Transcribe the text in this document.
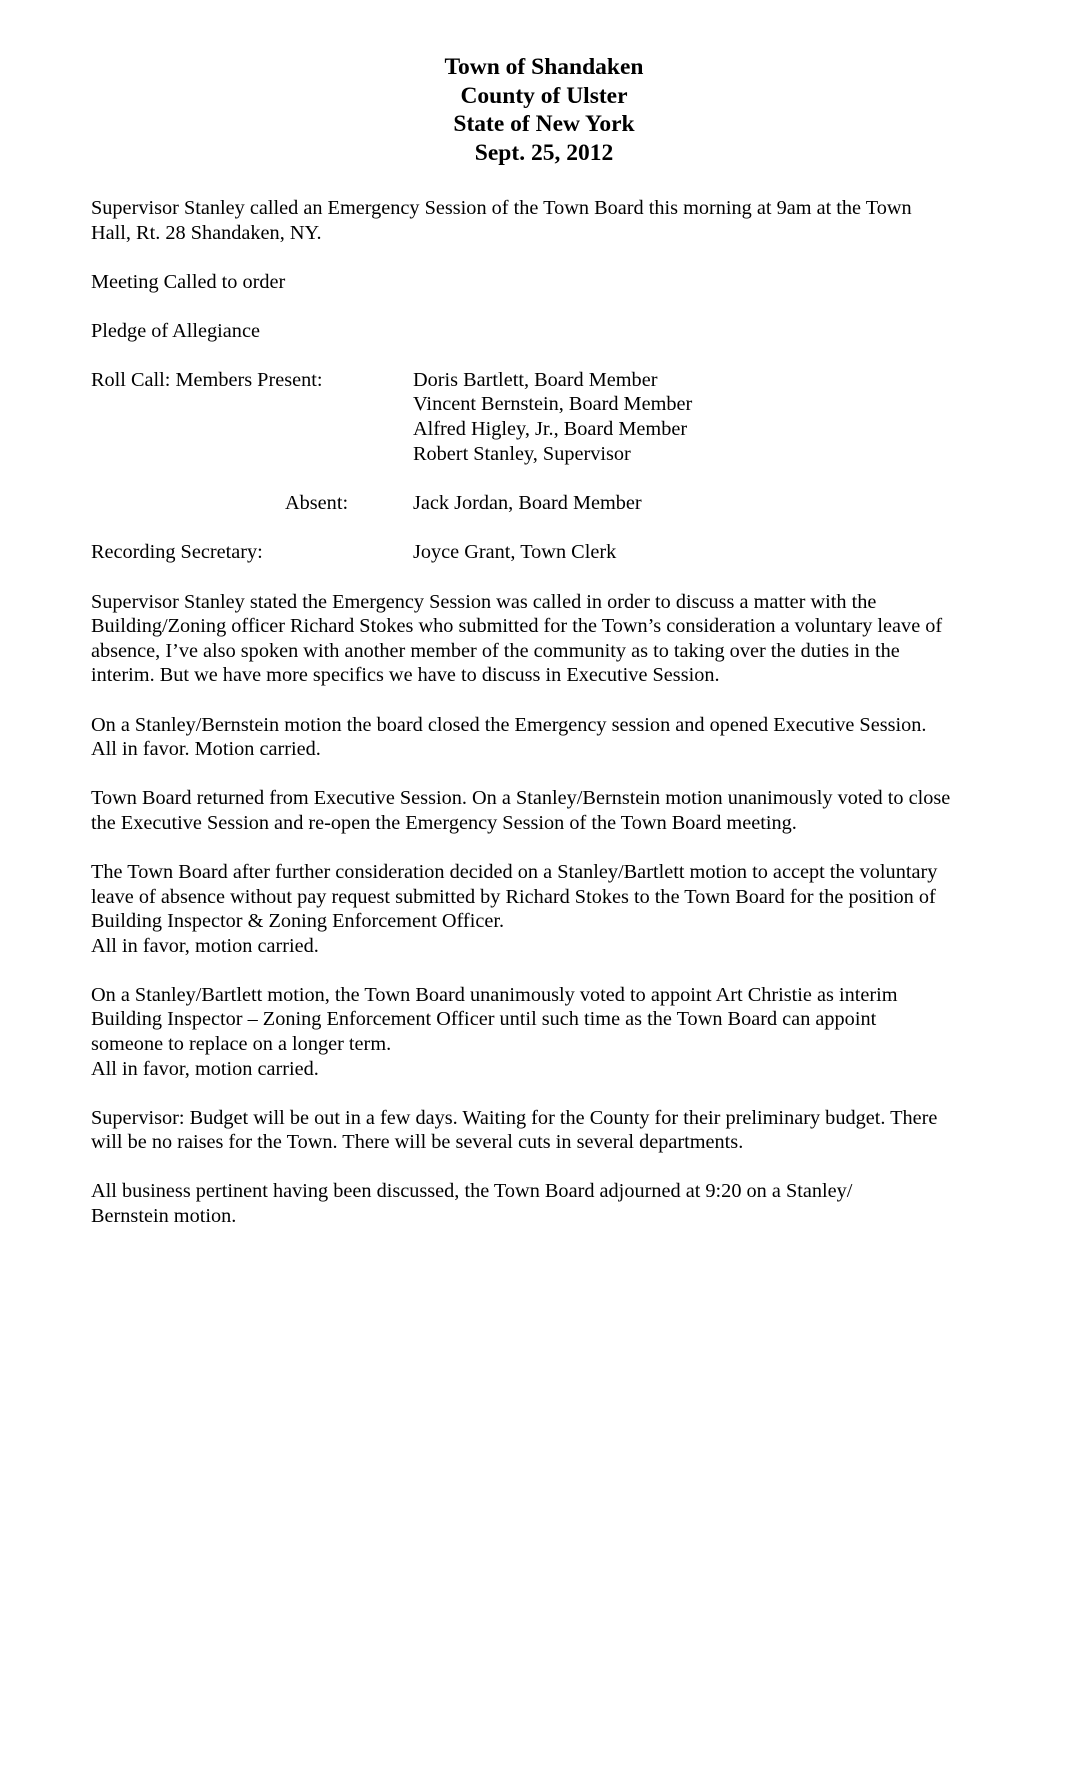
Town of Shandaken
County of Ulster
State of New York
Sept. 25, 2012
Supervisor Stanley called an Emergency Session of the Town Board this morning at 9am at the Town
Hall, Rt. 28 Shandaken, NY.
Meeting Called to order
Pledge of Allegiance
Roll Call: Members Present:	Doris Bartlett, Board Member
Vincent Bernstein, Board Member
Alfred Higley, Jr., Board Member
Robert Stanley, Supervisor
Absent:	Jack Jordan, Board Member
Recording Secretary:	Joyce Grant, Town Clerk
Supervisor Stanley stated the Emergency Session was called in order to discuss a matter with the
Building/Zoning officer Richard Stokes who submitted for the Town’s consideration a voluntary leave of
absence, I’ve also spoken with another member of the community as to taking over the duties in the
interim. But we have more specifics we have to discuss in Executive Session.
On a Stanley/Bernstein motion the board closed the Emergency session and opened Executive Session.
All in favor. Motion carried.
Town Board returned from Executive Session. On a Stanley/Bernstein motion unanimously voted to close
the Executive Session and re-open the Emergency Session of the Town Board meeting.
The Town Board after further consideration decided on a Stanley/Bartlett motion to accept the voluntary
leave of absence without pay request submitted by Richard Stokes to the Town Board for the position of
Building Inspector & Zoning Enforcement Officer.
All in favor, motion carried.
On a Stanley/Bartlett motion, the Town Board unanimously voted to appoint Art Christie as interim
Building Inspector – Zoning Enforcement Officer until such time as the Town Board can appoint
someone to replace on a longer term.
All in favor, motion carried.
Supervisor: Budget will be out in a few days. Waiting for the County for their preliminary budget. There
will be no raises for the Town. There will be several cuts in several departments.
All business pertinent having been discussed, the Town Board adjourned at 9:20 on a Stanley/
Bernstein motion.
